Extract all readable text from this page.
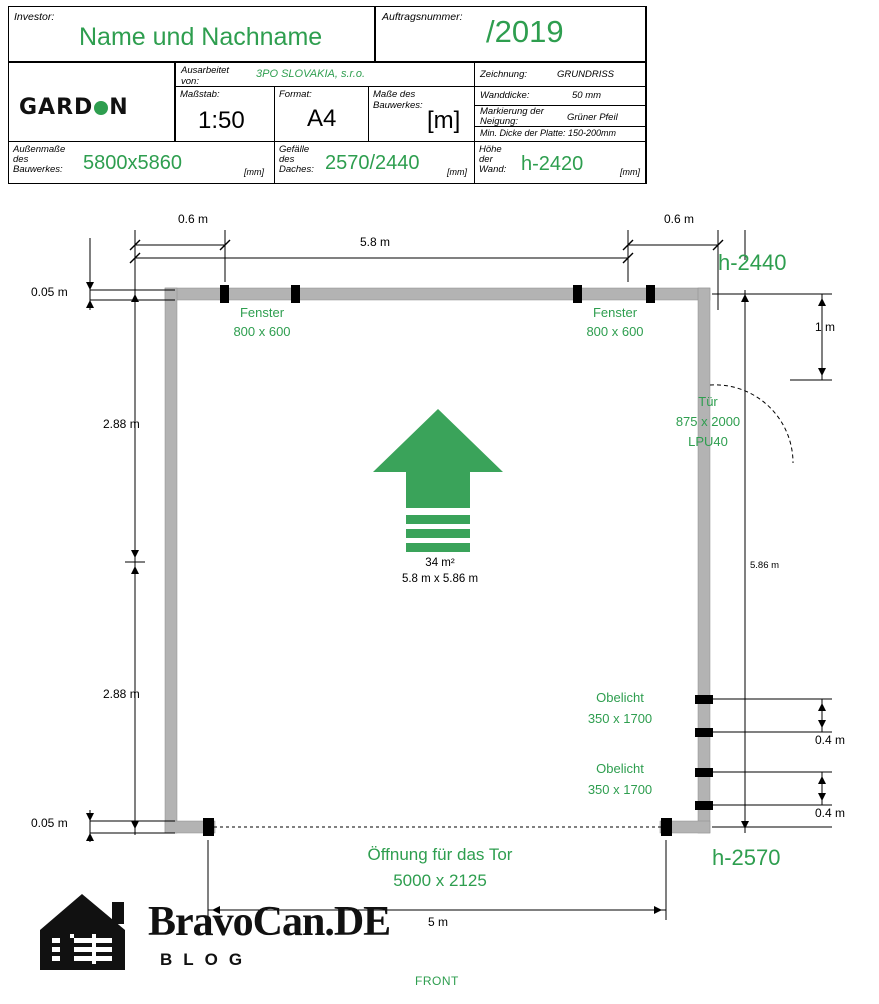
Investor:
Name und Nachname
Auftragsnummer: /2019
GARD N
Ausarbeitet von:
3PO SLOVAKIA, s.r.o.	Zeichnung:	GRUNDRISS
Maßstab:
1:50
Format:
A4
Maße des Bauwerkes:
[m]
Wanddicke:	50 mm
Markierung der Neigung:	Grüner Pfeil
Min. Dicke der Platte: 150-200mm
Außenmaße des Bauwerkes:	5800x5860	[mm]
Gefälle des Daches: 2570/2440	[mm]
Höhe der Wand: h-2420	[mm]
0.6 m	0.6 m
5.8 m
0.05 m
0.05 m
2.88 m
2.88 m
h-2440
1 m
5.86 m
0.4 m
0.4 m
h-2570
5 m
Fenster
800 x 600
Fenster
800 x 600
Tür
875 x 2000
LPU40
Obelicht
350 x 1700
Obelicht
350 x 1700
Öffnung für das Tor
5000 x 2125
34 m²
5.8 m x 5.86 m
FRONT
BravoCan.DE
BLOG
